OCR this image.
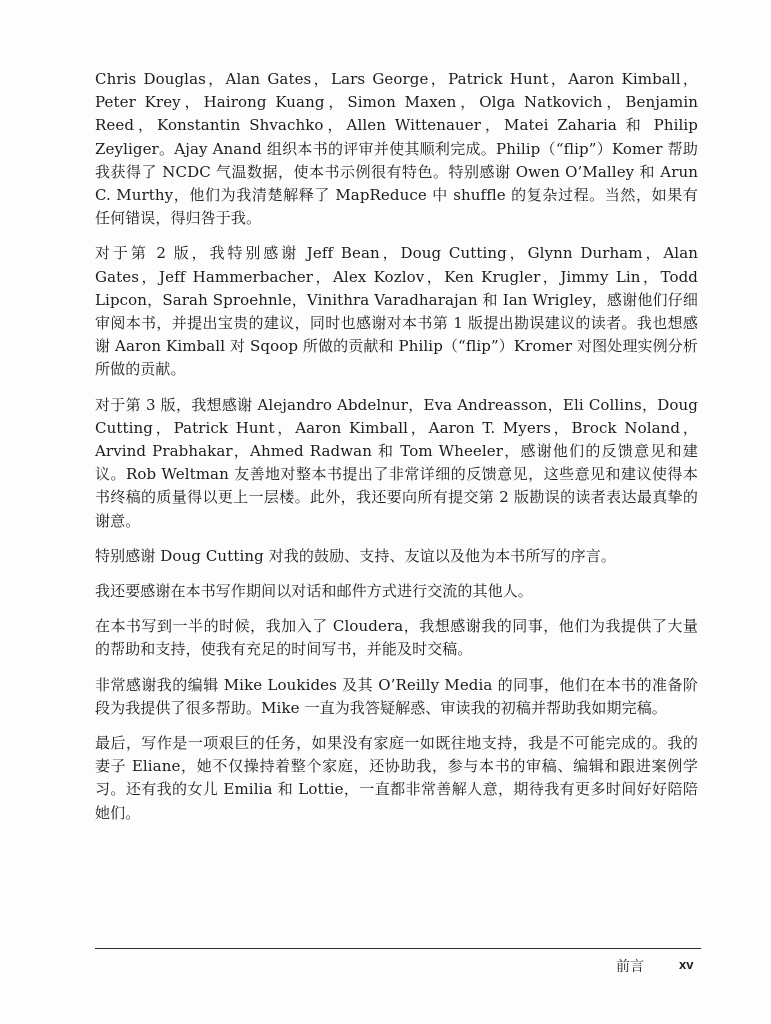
Chris Douglas，Alan Gates，Lars George，Patrick Hunt，Aaron Kimball，Peter Krey，Hairong Kuang，Simon Maxen，Olga Natkovich，Benjamin Reed，Konstantin Shvachko，Allen Wittenauer，Matei Zaharia 和 Philip Zeyliger。Ajay Anand 组织本书的评审并使其顺利完成。Philip（“flip”）Komer 帮助我获得了 NCDC 气温数据，使本书示例很有特色。特别感谢 Owen O’Malley 和 Arun C. Murthy，他们为我清楚解释了 MapReduce 中 shuffle 的复杂过程。当然，如果有任何错误，得归咎于我。

对于第 2 版，我特别感谢 Jeff Bean，Doug Cutting，Glynn Durham，Alan Gates，Jeff Hammerbacher，Alex Kozlov，Ken Krugler，Jimmy Lin，Todd Lipcon，Sarah Sproehnle，Vinithra Varadharajan 和 Ian Wrigley，感谢他们仔细审阅本书，并提出宝贵的建议，同时也感谢对本书第 1 版提出勘误建议的读者。我也想感谢 Aaron Kimball 对 Sqoop 所做的贡献和 Philip（“flip”）Kromer 对图处理实例分析所做的贡献。

对于第 3 版，我想感谢 Alejandro Abdelnur，Eva Andreasson，Eli Collins，Doug Cutting，Patrick Hunt，Aaron Kimball，Aaron T. Myers，Brock Noland，Arvind Prabhakar，Ahmed Radwan 和 Tom Wheeler，感谢他们的反馈意见和建议。Rob Weltman 友善地对整本书提出了非常详细的反馈意见，这些意见和建议使得本书终稿的质量得以更上一层楼。此外，我还要向所有提交第 2 版勘误的读者表达最真挚的谢意。

特别感谢 Doug Cutting 对我的鼓励、支持、友谊以及他为本书所写的序言。

我还要感谢在本书写作期间以对话和邮件方式进行交流的其他人。

在本书写到一半的时候，我加入了 Cloudera，我想感谢我的同事，他们为我提供了大量的帮助和支持，使我有充足的时间写书，并能及时交稿。

非常感谢我的编辑 Mike Loukides 及其 O’Reilly Media 的同事，他们在本书的准备阶段为我提供了很多帮助。Mike 一直为我答疑解惑、审读我的初稿并帮助我如期完稿。

最后，写作是一项艰巨的任务，如果没有家庭一如既往地支持，我是不可能完成的。我的妻子 Eliane，她不仅操持着整个家庭，还协助我，参与本书的审稿、编辑和跟进案例学习。还有我的女儿 Emilia 和 Lottie，一直都非常善解人意，期待我有更多时间好好陪陪她们。

前言	xv
